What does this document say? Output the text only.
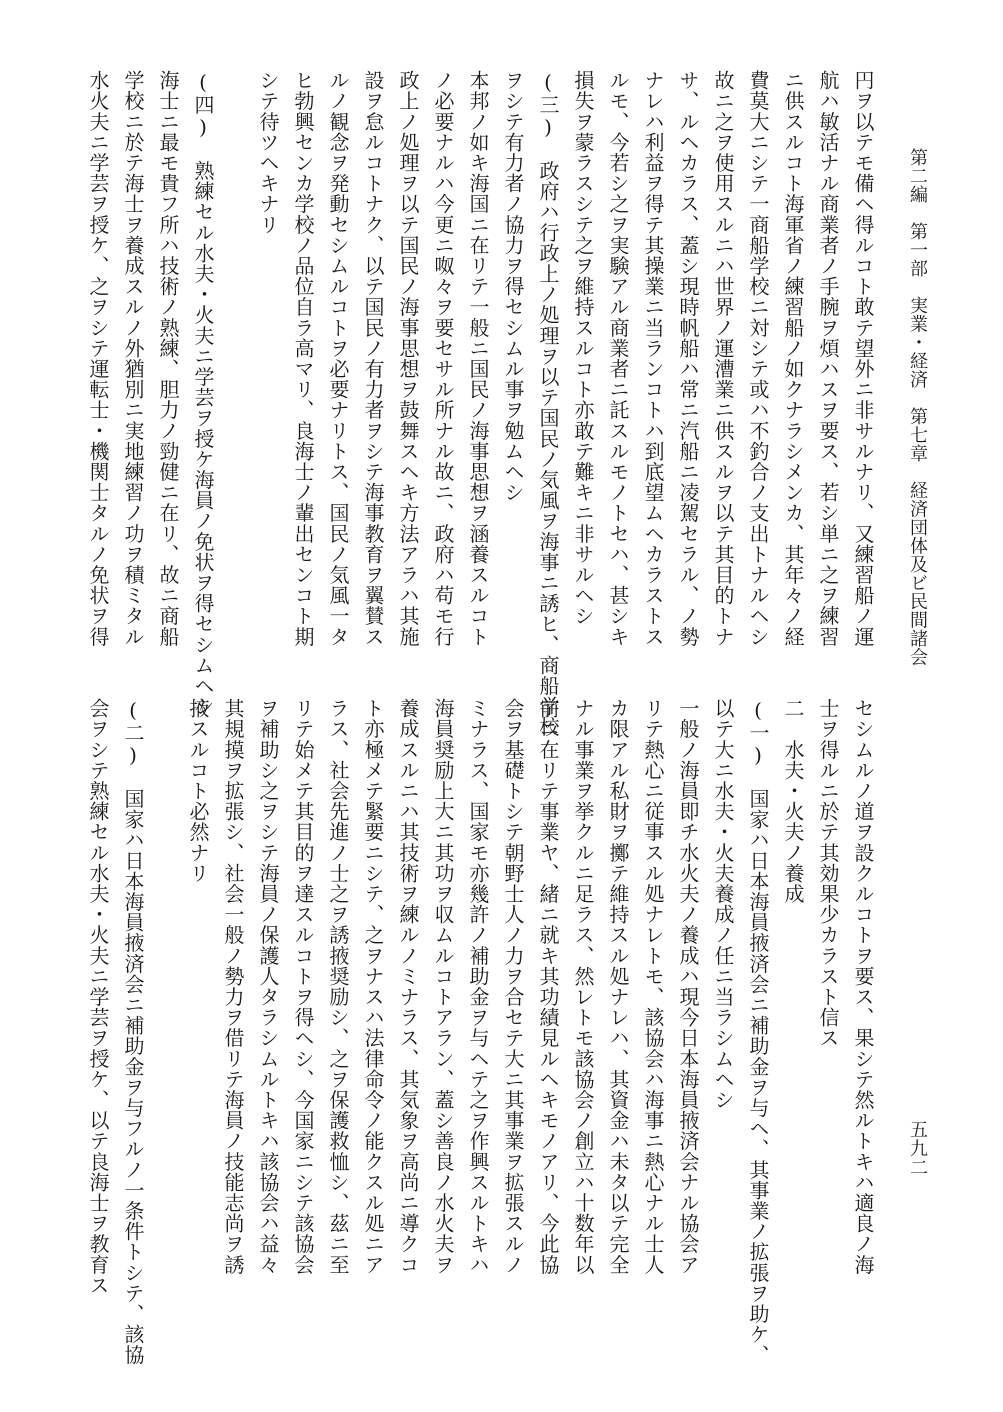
第二編　第一部　実業・経済　第七章　経済団体及ビ民間諸会
五九二
円ヲ以テモ備ヘ得ルコト敢テ望外ニ非サルナリ、又練習船ノ運
航ハ敏活ナル商業者ノ手腕ヲ煩ハスヲ要ス、若シ単ニ之ヲ練習
ニ供スルコト海軍省ノ練習船ノ如クナラシメンカ、其年々ノ経
費莫大ニシテ一商船学校ニ対シテ或ハ不釣合ノ支出トナルヘシ
故ニ之ヲ使用スルニハ世界ノ運漕業ニ供スルヲ以テ其目的トナ
サ、ルヘカラス、蓋シ現時帆船ハ常ニ汽船ニ凌駕セラル、ノ勢
ナレハ利益ヲ得テ其操業ニ当ランコトハ到底望ムヘカラストス
ルモ、今若シ之ヲ実験アル商業者ニ託スルモノトセハ、甚シキ
損失ヲ蒙ラスシテ之ヲ維持スルコト亦敢テ難キニ非サルヘシ
(三)　政府ハ行政上ノ処理ヲ以テ国民ノ気風ヲ海事ニ誘ヒ、商船学校
ヲシテ有力者ノ協力ヲ得セシムル事ヲ勉ムヘシ
本邦ノ如キ海国ニ在リテ一般ニ国民ノ海事思想ヲ涵養スルコト
ノ必要ナルハ今更ニ呶々ヲ要セサル所ナル故ニ、政府ハ苟モ行
政上ノ処理ヲ以テ国民ノ海事思想ヲ鼓舞スヘキ方法アラハ其施
設ヲ怠ルコトナク、以テ国民ノ有力者ヲシテ海事教育ヲ翼賛ス
ルノ観念ヲ発動セシムルコトヲ必要ナリトス、国民ノ気風一タ
ヒ勃興センカ学校ノ品位自ラ高マリ、良海士ノ輩出センコト期
シテ待ツヘキナリ
(四)　熟練セル水夫・火夫ニ学芸ヲ授ケ海員ノ免状ヲ得セシムヘシ
海士ニ最モ貴フ所ハ技術ノ熟練、胆力ノ勁健ニ在リ、故ニ商船
学校ニ於テ海士ヲ養成スルノ外猶別ニ実地練習ノ功ヲ積ミタル
水火夫ニ学芸ヲ授ケ、之ヲシテ運転士・機関士タルノ免状ヲ得
セシムルノ道ヲ設クルコトヲ要ス、果シテ然ルトキハ適良ノ海
士ヲ得ルニ於テ其効果少カラスト信ス
二　水夫・火夫ノ養成
(一)　国家ハ日本海員掖済会ニ補助金ヲ与ヘ、其事業ノ拡張ヲ助ケ、
以テ大ニ水夫・火夫養成ノ任ニ当ラシムヘシ
一般ノ海員即チ水火夫ノ養成ハ現今日本海員掖済会ナル協会ア
リテ熱心ニ従事スル処ナレトモ、該協会ハ海事ニ熱心ナル士人
カ限アル私財ヲ擲テ維持スル処ナレハ、其資金ハ未タ以テ完全
ナル事業ヲ挙クルニ足ラス、然レトモ該協会ノ創立ハ十数年以
前ニ在リテ事業ヤ、緒ニ就キ其功績見ルヘキモノアリ、今此協
会ヲ基礎トシテ朝野士人ノ力ヲ合セテ大ニ其事業ヲ拡張スルノ
ミナラス、国家モ亦幾許ノ補助金ヲ与ヘテ之ヲ作興スルトキハ
海員奨励上大ニ其功ヲ収ムルコトアラン、蓋シ善良ノ水火夫ヲ
養成スルニハ其技術ヲ練ルノミナラス、其気象ヲ高尚ニ導クコ
ト亦極メテ緊要ニシテ、之ヲナスハ法律命令ノ能クスル処ニア
ラス、社会先進ノ士之ヲ誘掖奨励シ、之ヲ保護救恤シ、茲ニ至
リテ始メテ其目的ヲ達スルコトヲ得ヘシ、今国家ニシテ該協会
ヲ補助シ之ヲシテ海員ノ保護人タラシムルトキハ該協会ハ益々
其規摸ヲ拡張シ、社会一般ノ勢力ヲ借リテ海員ノ技能志尚ヲ誘
掖スルコト必然ナリ
(二)　国家ハ日本海員掖済会ニ補助金ヲ与フルノ一条件トシテ、該協
会ヲシテ熟練セル水夫・火夫ニ学芸ヲ授ケ、以テ良海士ヲ教育ス
